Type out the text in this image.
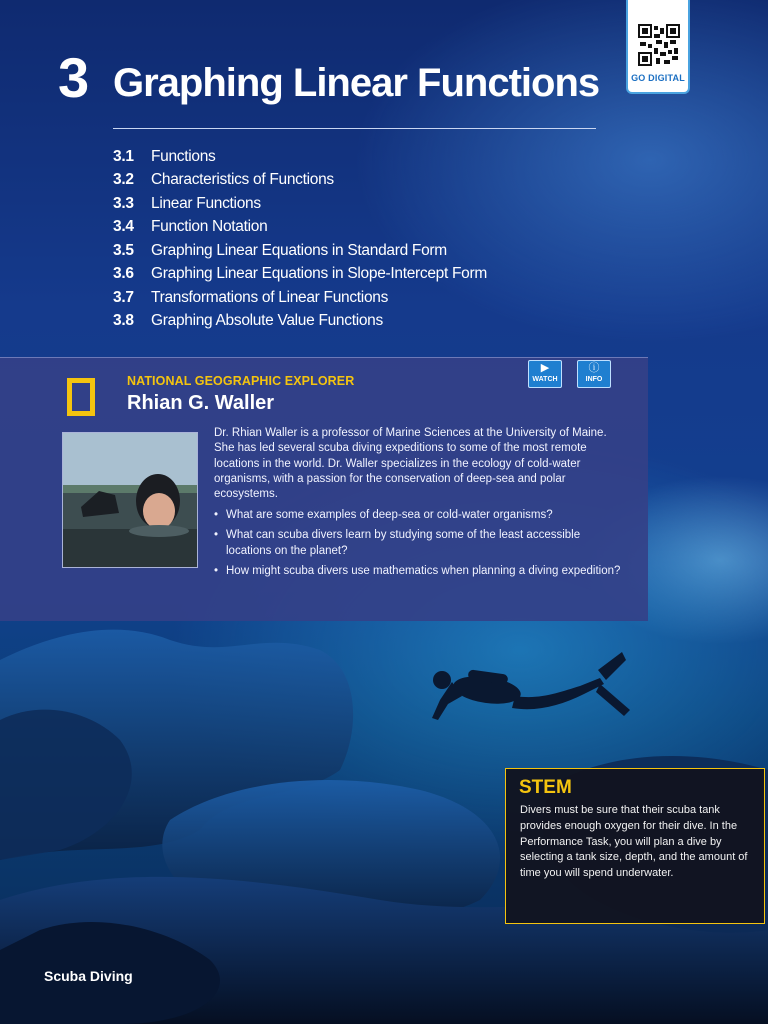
GO DIGITAL
3 Graphing Linear Functions
3.1	Functions
3.2	Characteristics of Functions
3.3	Linear Functions
3.4	Function Notation
3.5	Graphing Linear Equations in Standard Form
3.6	Graphing Linear Equations in Slope-Intercept Form
3.7	Transformations of Linear Functions
3.8	Graphing Absolute Value Functions
NATIONAL GEOGRAPHIC EXPLORER
Rhian G. Waller
▶
WATCH
ⓘ
INFO
Dr. Rhian Waller is a professor of Marine Sciences at the University of Maine. She has led several scuba diving expeditions to some of the most remote locations in the world. Dr. Waller specializes in the ecology of cold-water organisms, with a passion for the conservation of deep-sea and polar ecosystems.
• What are some examples of deep-sea or cold-water organisms?
• What can scuba divers learn by studying some of the least accessible locations on the planet?
• How might scuba divers use mathematics when planning a diving expedition?
STEM
Divers must be sure that their scuba tank provides enough oxygen for their dive. In the Performance Task, you will plan a dive by selecting a tank size, depth, and the amount of time you will spend underwater.
Scuba Diving
